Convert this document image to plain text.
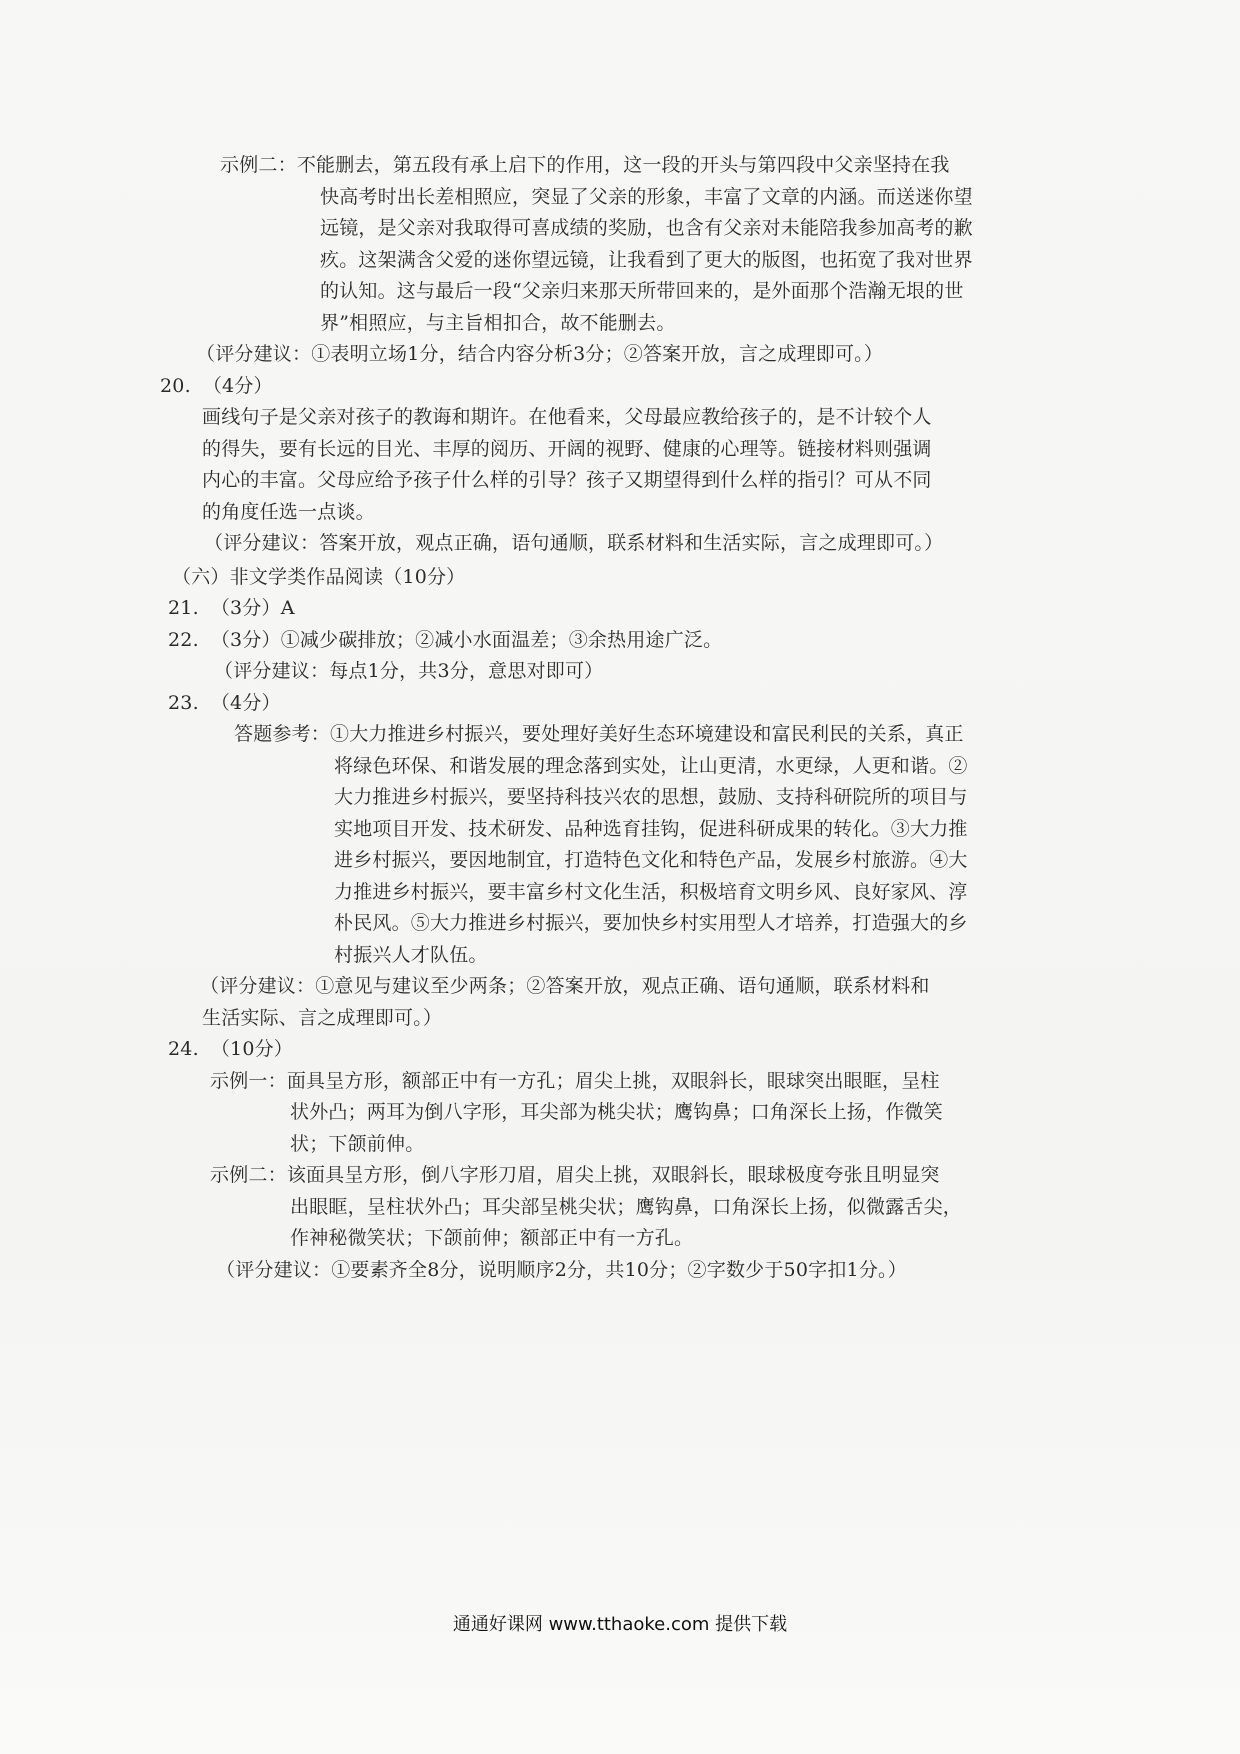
示例二： 不能删去，第五段有承上启下的作用，这一段的开头与第四段中父亲坚持在我
快高考时出长差相照应，突显了父亲的形象，丰富了文章的内涵。而送迷你望
远镜，是父亲对我取得可喜成绩的奖励，也含有父亲对未能陪我参加高考的歉
疚。这架满含父爱的迷你望远镜，让我看到了更大的版图，也拓宽了我对世界
的认知。这与最后一段“父亲归来那天所带回来的，是外面那个浩瀚无垠的世
界”相照应，与主旨相扣合，故不能删去。
（评分建议：①表明立场1分，结合内容分析3分；②答案开放，言之成理即可。）
20. （4分）
画线句子是父亲对孩子的教诲和期许。在他看来，父母最应教给孩子的，是不计较个人
的得失，要有长远的目光、丰厚的阅历、开阔的视野、健康的心理等。链接材料则强调
内心的丰富。父母应给予孩子什么样的引导？孩子又期望得到什么样的指引？可从不同
的角度任选一点谈。
（评分建议：答案开放，观点正确，语句通顺，联系材料和生活实际，言之成理即可。）
（六）非文学类作品阅读（10分）
21. （3分）A
22. （3分）①减少碳排放；②减小水面温差；③余热用途广泛。
（评分建议：每点1分，共3分，意思对即可）
23. （4分）
答题参考： ①大力推进乡村振兴，要处理好美好生态环境建设和富民利民的关系，真正
将绿色环保、和谐发展的理念落到实处，让山更清，水更绿，人更和谐。②
大力推进乡村振兴，要坚持科技兴农的思想，鼓励、支持科研院所的项目与
实地项目开发、技术研发、品种选育挂钩，促进科研成果的转化。③大力推
进乡村振兴，要因地制宜，打造特色文化和特色产品，发展乡村旅游。④大
力推进乡村振兴，要丰富乡村文化生活，积极培育文明乡风、良好家风、淳
朴民风。⑤大力推进乡村振兴，要加快乡村实用型人才培养，打造强大的乡
村振兴人才队伍。
（评分建议：①意见与建议至少两条；②答案开放，观点正确、语句通顺，联系材料和
生活实际、言之成理即可。）
24. （10分）
示例一： 面具呈方形，额部正中有一方孔；眉尖上挑，双眼斜长，眼球突出眼眶，呈柱
状外凸；两耳为倒八字形，耳尖部为桃尖状；鹰钩鼻；口角深长上扬，作微笑
状；下颌前伸。
示例二： 该面具呈方形，倒八字形刀眉，眉尖上挑，双眼斜长，眼球极度夸张且明显突
出眼眶，呈柱状外凸；耳尖部呈桃尖状；鹰钩鼻，口角深长上扬，似微露舌尖，
作神秘微笑状；下颌前伸；额部正中有一方孔。
（评分建议：①要素齐全8分，说明顺序2分，共10分；②字数少于50字扣1分。）
通通好课网 www.tthaoke.com 提供下载
